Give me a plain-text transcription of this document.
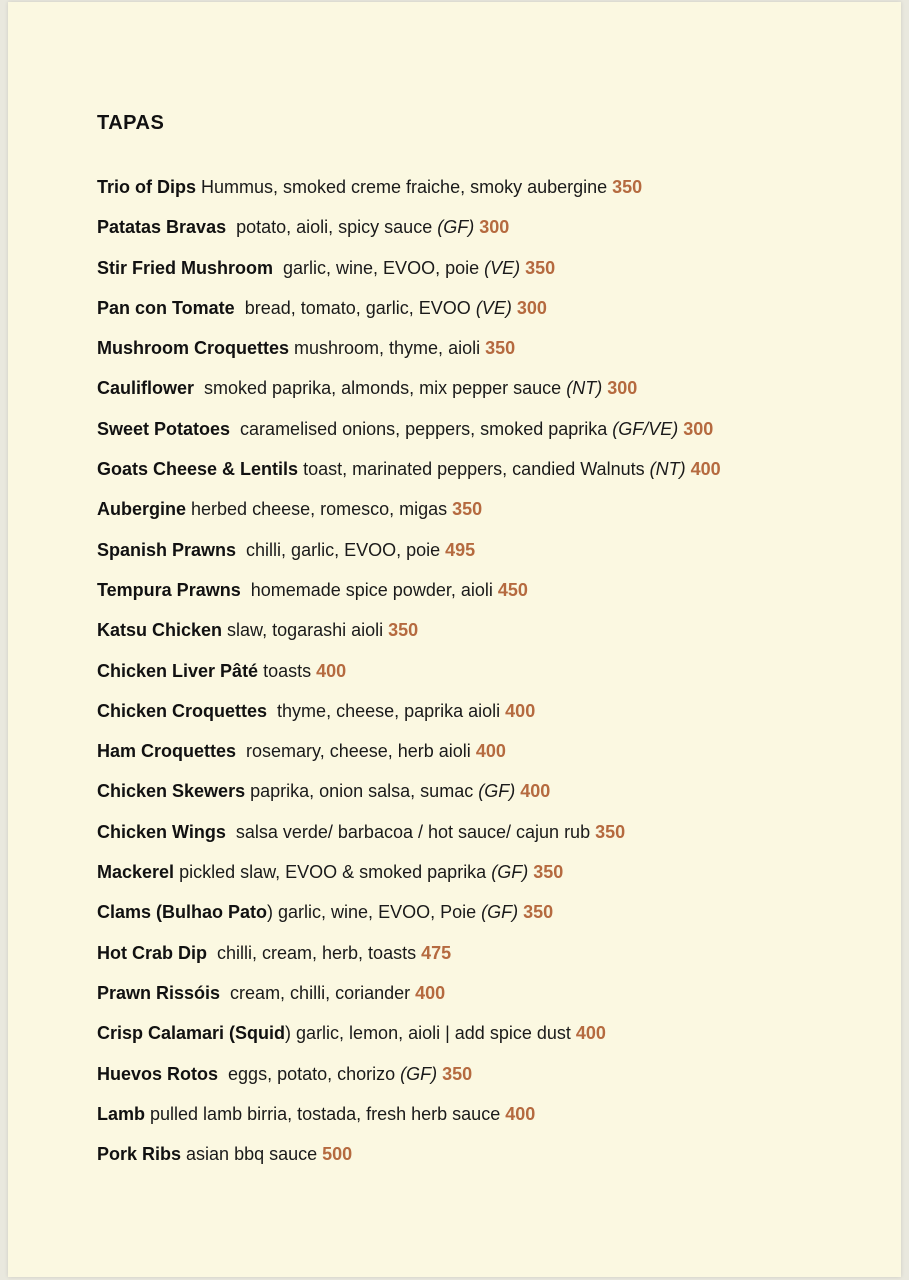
TAPAS
Trio of Dips Hummus, smoked creme fraiche, smoky aubergine 350
Patatas Bravas  potato, aioli, spicy sauce (GF) 300
Stir Fried Mushroom  garlic, wine, EVOO, poie (VE) 350
Pan con Tomate  bread, tomato, garlic, EVOO (VE) 300
Mushroom Croquettes mushroom, thyme, aioli 350
Cauliflower  smoked paprika, almonds, mix pepper sauce (NT) 300
Sweet Potatoes  caramelised onions, peppers, smoked paprika (GF/VE) 300
Goats Cheese & Lentils toast, marinated peppers, candied Walnuts (NT) 400
Aubergine herbed cheese, romesco, migas 350
Spanish Prawns  chilli, garlic, EVOO, poie 495
Tempura Prawns  homemade spice powder, aioli 450
Katsu Chicken slaw, togarashi aioli 350
Chicken Liver Pâté toasts 400
Chicken Croquettes  thyme, cheese, paprika aioli 400
Ham Croquettes  rosemary, cheese, herb aioli 400
Chicken Skewers paprika, onion salsa, sumac (GF) 400
Chicken Wings  salsa verde/ barbacoa / hot sauce/ cajun rub 350
Mackerel pickled slaw, EVOO & smoked paprika (GF) 350
Clams (Bulhao Pato) garlic, wine, EVOO, Poie (GF) 350
Hot Crab Dip  chilli, cream, herb, toasts 475
Prawn Rissóis  cream, chilli, coriander 400
Crisp Calamari (Squid) garlic, lemon, aioli | add spice dust 400
Huevos Rotos  eggs, potato, chorizo (GF) 350
Lamb pulled lamb birria, tostada, fresh herb sauce 400
Pork Ribs asian bbq sauce 500
